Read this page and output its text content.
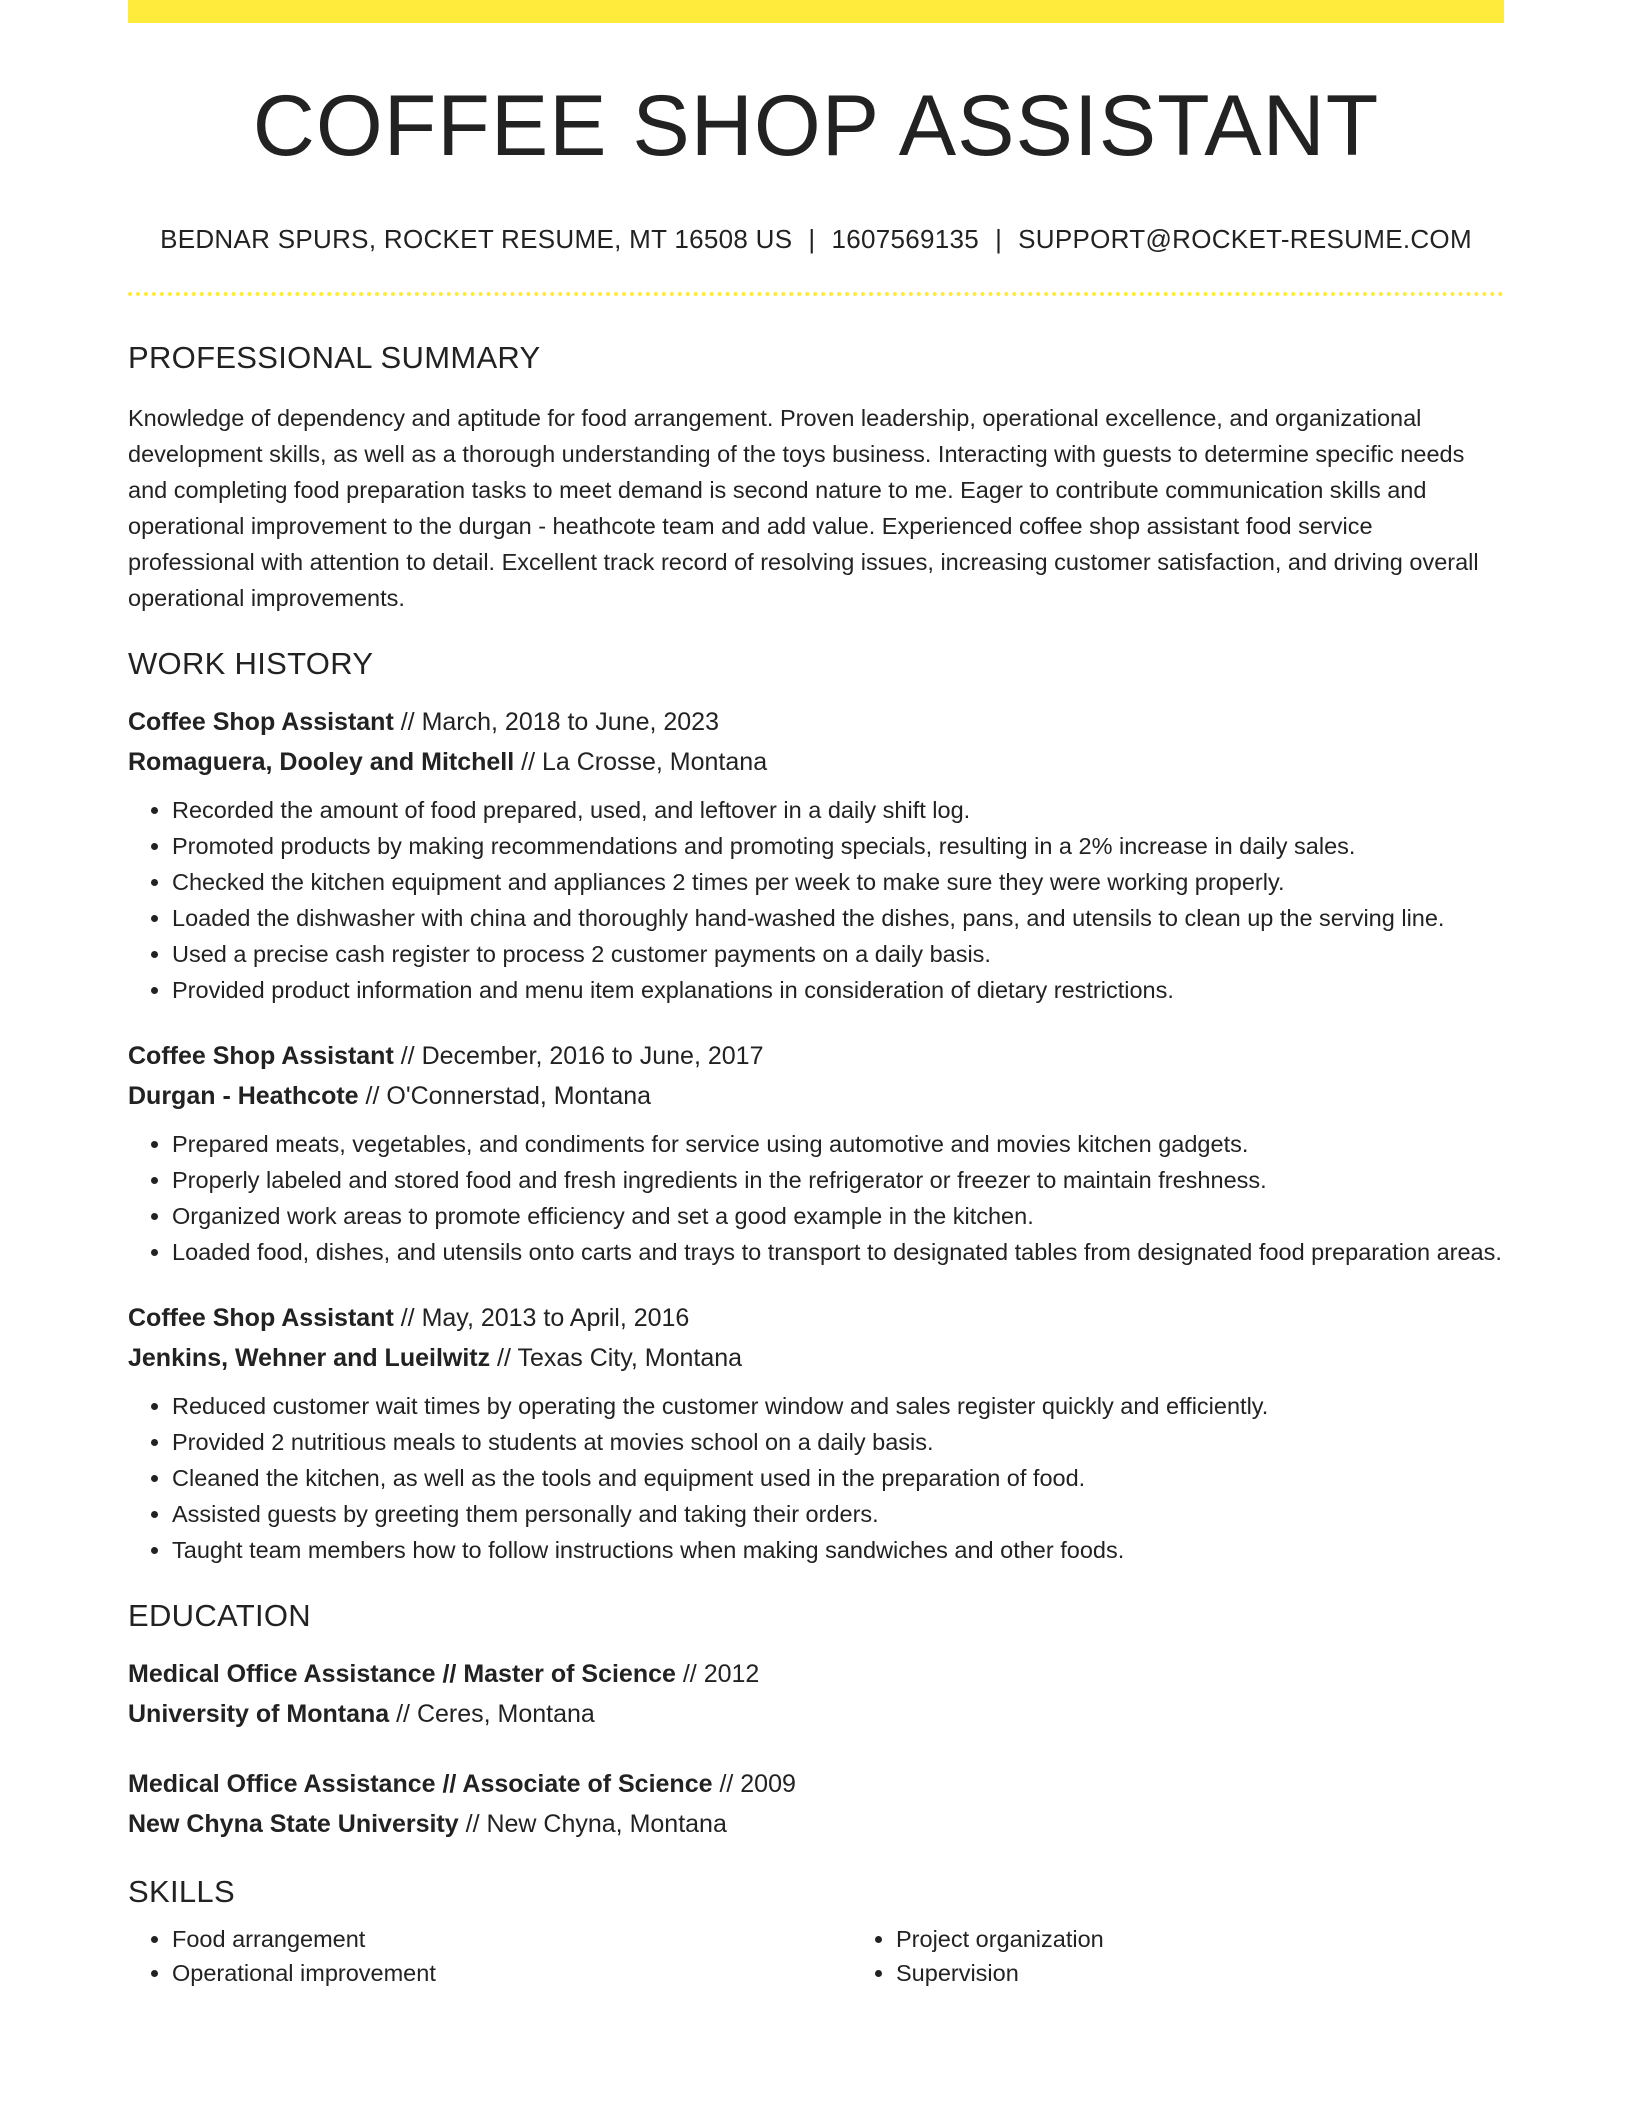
COFFEE SHOP ASSISTANT
BEDNAR SPURS, ROCKET RESUME, MT 16508 US | 1607569135 | SUPPORT@ROCKET-RESUME.COM
PROFESSIONAL SUMMARY
Knowledge of dependency and aptitude for food arrangement. Proven leadership, operational excellence, and organizational development skills, as well as a thorough understanding of the toys business. Interacting with guests to determine specific needs and completing food preparation tasks to meet demand is second nature to me. Eager to contribute communication skills and operational improvement to the durgan - heathcote team and add value. Experienced coffee shop assistant food service professional with attention to detail. Excellent track record of resolving issues, increasing customer satisfaction, and driving overall operational improvements.
WORK HISTORY
Coffee Shop Assistant // March, 2018 to June, 2023
Romaguera, Dooley and Mitchell // La Crosse, Montana
• Recorded the amount of food prepared, used, and leftover in a daily shift log.
• Promoted products by making recommendations and promoting specials, resulting in a 2% increase in daily sales.
• Checked the kitchen equipment and appliances 2 times per week to make sure they were working properly.
• Loaded the dishwasher with china and thoroughly hand-washed the dishes, pans, and utensils to clean up the serving line.
• Used a precise cash register to process 2 customer payments on a daily basis.
• Provided product information and menu item explanations in consideration of dietary restrictions.
Coffee Shop Assistant // December, 2016 to June, 2017
Durgan - Heathcote // O'Connerstad, Montana
• Prepared meats, vegetables, and condiments for service using automotive and movies kitchen gadgets.
• Properly labeled and stored food and fresh ingredients in the refrigerator or freezer to maintain freshness.
• Organized work areas to promote efficiency and set a good example in the kitchen.
• Loaded food, dishes, and utensils onto carts and trays to transport to designated tables from designated food preparation areas.
Coffee Shop Assistant // May, 2013 to April, 2016
Jenkins, Wehner and Lueilwitz // Texas City, Montana
• Reduced customer wait times by operating the customer window and sales register quickly and efficiently.
• Provided 2 nutritious meals to students at movies school on a daily basis.
• Cleaned the kitchen, as well as the tools and equipment used in the preparation of food.
• Assisted guests by greeting them personally and taking their orders.
• Taught team members how to follow instructions when making sandwiches and other foods.
EDUCATION
Medical Office Assistance // Master of Science // 2012
University of Montana // Ceres, Montana
Medical Office Assistance // Associate of Science // 2009
New Chyna State University // New Chyna, Montana
SKILLS
• Food arrangement
• Operational improvement
• Project organization
• Supervision
